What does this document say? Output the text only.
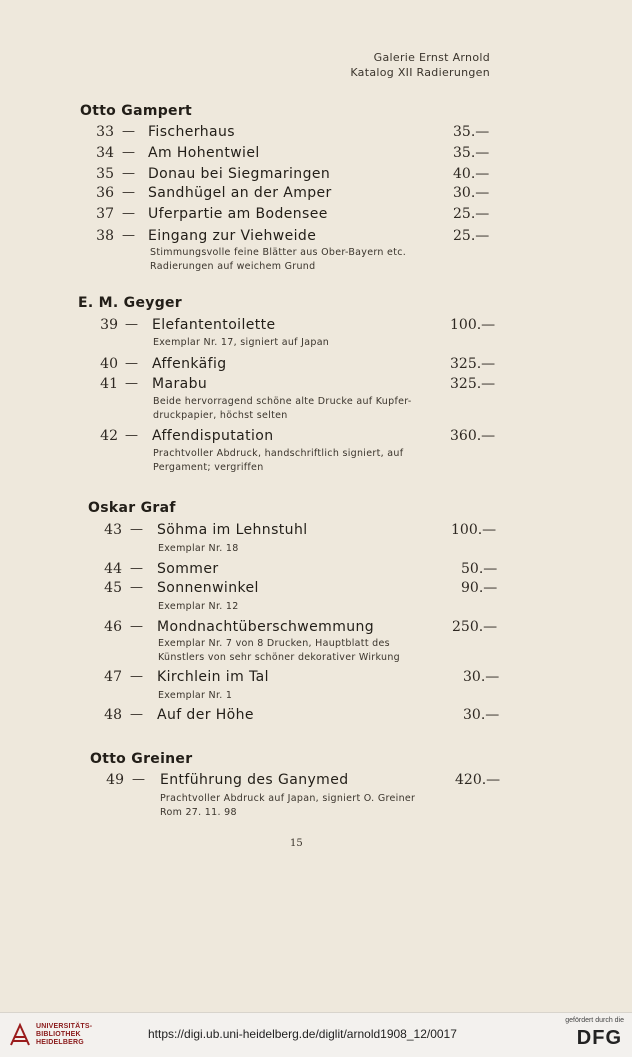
Galerie Ernst Arnold
Katalog XII Radierungen
Otto Gampert
33 — Fischerhaus	35.—
34 — Am Hohentwiel	35.—
35 — Donau bei Siegmaringen	40.—
36 — Sandhügel an der Amper	30.—
37 — Uferpartie am Bodensee	25.—
38 — Eingang zur Viehweide	25.—
Stimmungsvolle feine Blätter aus Ober-Bayern etc.
Radierungen auf weichem Grund
E. M. Geyger
39 — Elefantentoilette	100.—
Exemplar Nr. 17, signiert auf Japan
40 — Affenkäfig	325.—
41 — Marabu	325.—
Beide hervorragend schöne alte Drucke auf Kupfer-
druckpapier, höchst selten
42 — Affendisputation	360.—
Prachtvoller Abdruck, handschriftlich signiert, auf
Pergament; vergriffen
Oskar Graf
43 — Söhma im Lehnstuhl	100.—
Exemplar Nr. 18
44 — Sommer	50.—
45 — Sonnenwinkel	90.—
Exemplar Nr. 12
46 — Mondnachtüberschwemmung	250.—
Exemplar Nr. 7 von 8 Drucken, Hauptblatt des
Künstlers von sehr schöner dekorativer Wirkung
47 — Kirchlein im Tal	30.—
Exemplar Nr. 1
48 — Auf der Höhe	30.—
Otto Greiner
49 — Entführung des Ganymed	420.—
Prachtvoller Abdruck auf Japan, signiert O. Greiner
Rom 27. 11. 98
15
UNIVERSITÄTS-
BIBLIOTHEK
HEIDELBERG
https://digi.ub.uni-heidelberg.de/diglit/arnold1908_12/0017
gefördert durch die
DFG
